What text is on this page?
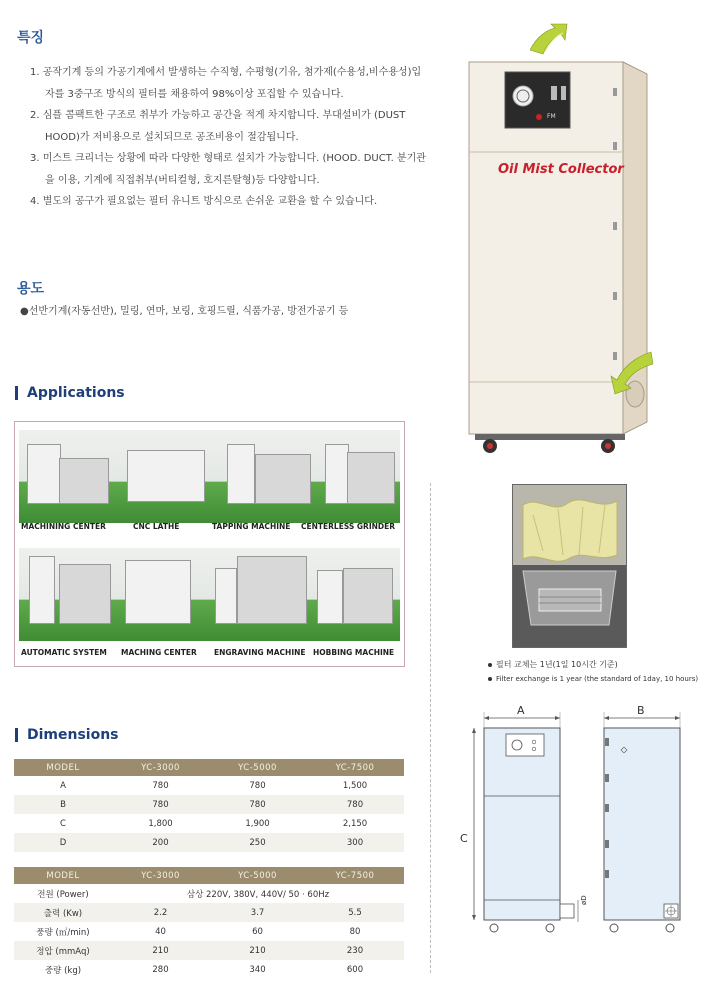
특징
1. 공작기계 등의 가공기계에서 발생하는 수직형, 수평형(기유, 첨가제(수용성,비수용성)입자를 3중구조 방식의 필터를 채용하여 98%이상 포집할 수 있습니다.
2. 심플 콤팩트한 구조로 취부가 가능하고 공간을 적게 차지합니다. 부대설비가 (DUST HOOD)가 저비용으로 설치되므로 공조비용이 절감됩니다.
3. 미스트 크리너는 상황에 따라 다양한 형태로 설치가 가능합니다. (HOOD. DUCT. 분기관을 이용, 기계에 직접취부(버티컬형, 호지른탈형)등 다양합니다.
4. 별도의 공구가 필요없는 필터 유니트 방식으로 손쉬운 교환을 할 수 있습니다.
용도
●선반기계(자동선반), 밀링, 연마, 보링, 호핑드릴, 식품가공, 방전가공기 등
Oil Mist Collector
FM
Applications
MACHINING CENTER	CNC LATHE	TAPPING MACHINE CENTERLESS GRINDER
AUTOMATIC SYSTEM MACHING CENTER ENGRAVING MACHINE HOBBING MACHINE
필터 교체는 1년(1일 10시간 기준)
Filter exchange is 1 year (the standard of 1day, 10 hours)
Dimensions
MODEL	YC-3000	YC-5000	YC-7500
A	780	780	1,500
B	780	780	780
C	1,800	1,900	2,150
D	200	250	300
MODEL	YC-3000	YC-5000	YC-7500
전원 (Power)	삼상 220V, 380V, 440V/ 50 · 60Hz		
출력 (Kw)	2.2	3.7	5.5
풍량 (㎥/min)	40	60	80
정압 (mmAq)	210	210	230
중량 (kg)	280	340	600
A	B
C
øD
